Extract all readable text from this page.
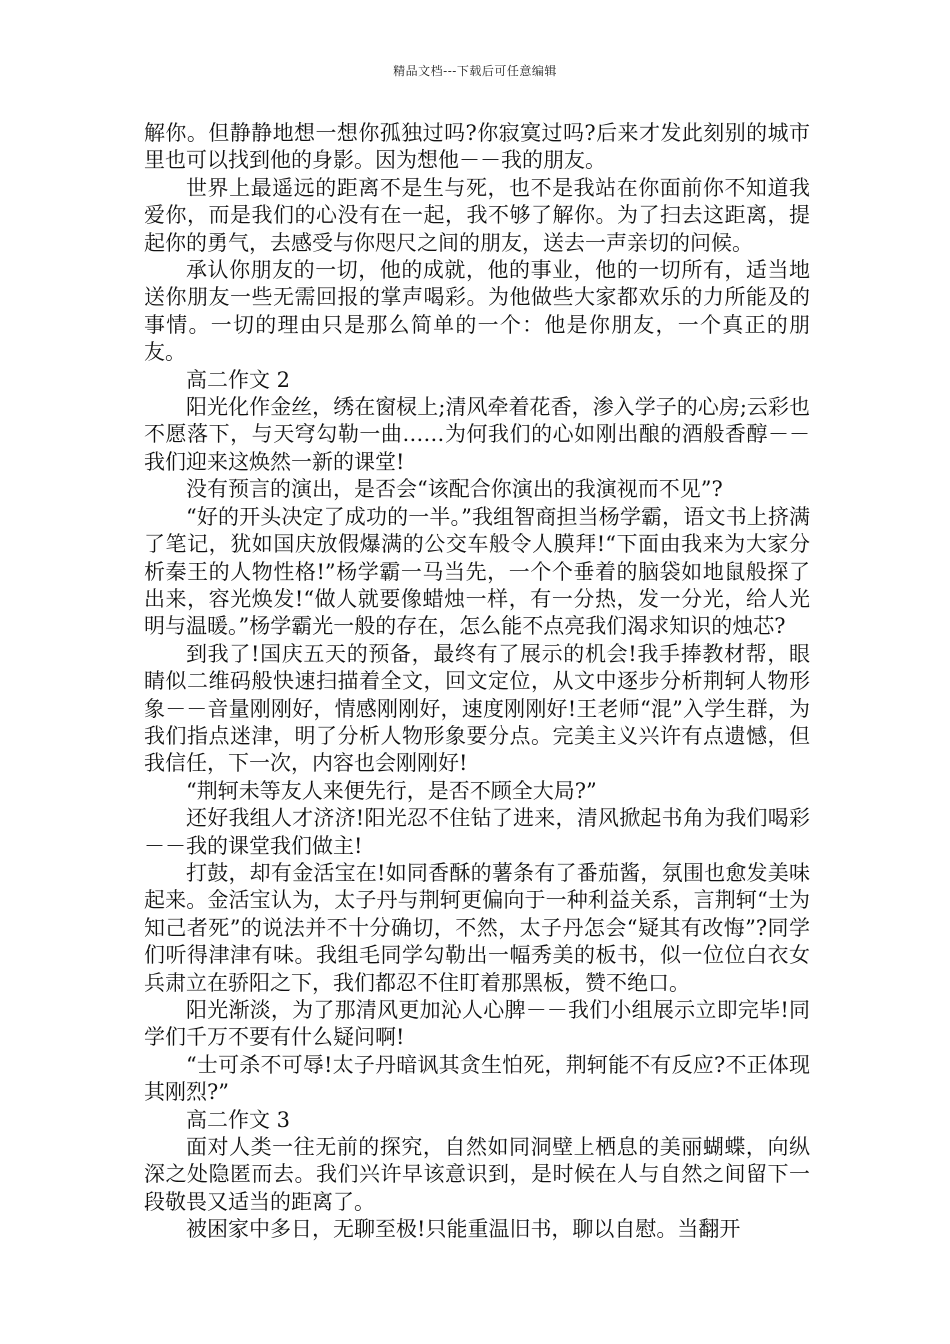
精品文档---下载后可任意编辑

解你。但静静地想一想你孤独过吗?你寂寞过吗?后来才发此刻别的城市里也可以找到他的身影。因为想他－－我的朋友。

世界上最遥远的距离不是生与死，也不是我站在你面前你不知道我爱你，而是我们的心没有在一起，我不够了解你。为了扫去这距离，提起你的勇气，去感受与你咫尺之间的朋友，送去一声亲切的问候。

承认你朋友的一切，他的成就，他的事业，他的一切所有，适当地送你朋友一些无需回报的掌声喝彩。为他做些大家都欢乐的力所能及的事情。一切的理由只是那么简单的一个：他是你朋友，一个真正的朋友。

高二作文 2

阳光化作金丝，绣在窗棂上;清风牵着花香，渗入学子的心房;云彩也不愿落下，与天穹勾勒一曲……为何我们的心如刚出酿的酒般香醇－－我们迎来这焕然一新的课堂!

没有预言的演出，是否会“该配合你演出的我演视而不见”?

“好的开头决定了成功的一半。”我组智商担当杨学霸，语文书上挤满了笔记，犹如国庆放假爆满的公交车般令人膜拜!“下面由我来为大家分析秦王的人物性格!”杨学霸一马当先，一个个垂着的脑袋如地鼠般探了出来，容光焕发!“做人就要像蜡烛一样，有一分热，发一分光，给人光明与温暖。”杨学霸光一般的存在，怎么能不点亮我们渴求知识的烛芯?

到我了!国庆五天的预备，最终有了展示的机会!我手捧教材帮，眼睛似二维码般快速扫描着全文，回文定位，从文中逐步分析荆轲人物形象－－音量刚刚好，情感刚刚好，速度刚刚好!王老师“混”入学生群，为我们指点迷津，明了分析人物形象要分点。完美主义兴许有点遗憾，但我信任，下一次，内容也会刚刚好!

“荆轲未等友人来便先行，是否不顾全大局?”

还好我组人才济济!阳光忍不住钻了进来，清风掀起书角为我们喝彩－－我的课堂我们做主!

打鼓，却有金活宝在!如同香酥的薯条有了番茄酱，氛围也愈发美味起来。金活宝认为，太子丹与荆轲更偏向于一种利益关系，言荆轲“士为知己者死”的说法并不十分确切，不然，太子丹怎会“疑其有改悔”?同学们听得津津有味。我组毛同学勾勒出一幅秀美的板书，似一位位白衣女兵肃立在骄阳之下，我们都忍不住盯着那黑板，赞不绝口。

阳光渐淡，为了那清风更加沁人心脾－－我们小组展示立即完毕!同学们千万不要有什么疑问啊!

“士可杀不可辱!太子丹暗讽其贪生怕死，荆轲能不有反应?不正体现其刚烈?”

高二作文 3

面对人类一往无前的探究，自然如同洞壁上栖息的美丽蝴蝶，向纵深之处隐匿而去。我们兴许早该意识到，是时候在人与自然之间留下一段敬畏又适当的距离了。

被困家中多日，无聊至极!只能重温旧书，聊以自慰。当翻开
